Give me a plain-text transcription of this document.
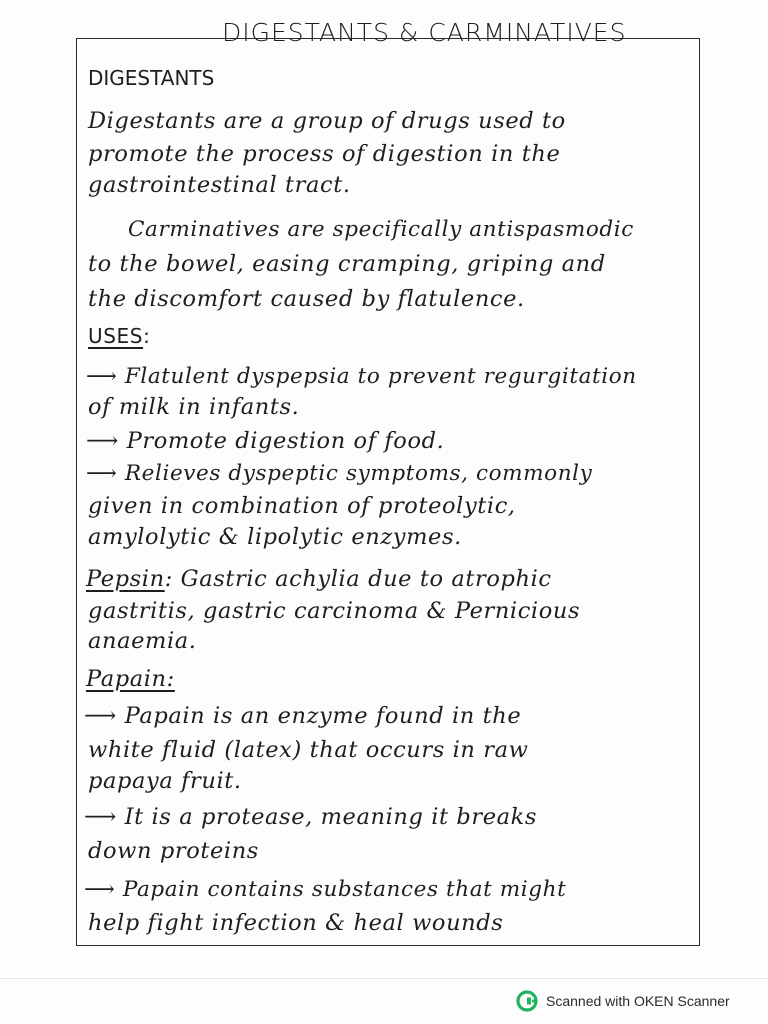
DIGESTANTS & CARMINATIVES
DIGESTANTS
Digestants are a group of drugs used to
promote the process of digestion in the
gastrointestinal tract.
Carminatives are specifically antispasmodic
to the bowel, easing cramping, griping and
the discomfort caused by flatulence.
USES:
⟶ Flatulent dyspepsia to prevent regurgitation
of milk in infants.
⟶ Promote digestion of food.
⟶ Relieves dyspeptic symptoms, commonly
given in combination of proteolytic,
amylolytic & lipolytic enzymes.
Pepsin: Gastric achylia due to atrophic
gastritis, gastric carcinoma & Pernicious
anaemia.
Papain:
⟶ Papain is an enzyme found in the
white fluid (latex) that occurs in raw
papaya fruit.
⟶ It is a protease, meaning it breaks
down proteins
⟶ Papain contains substances that might
help fight infection & heal wounds
Scanned with OKEN Scanner
